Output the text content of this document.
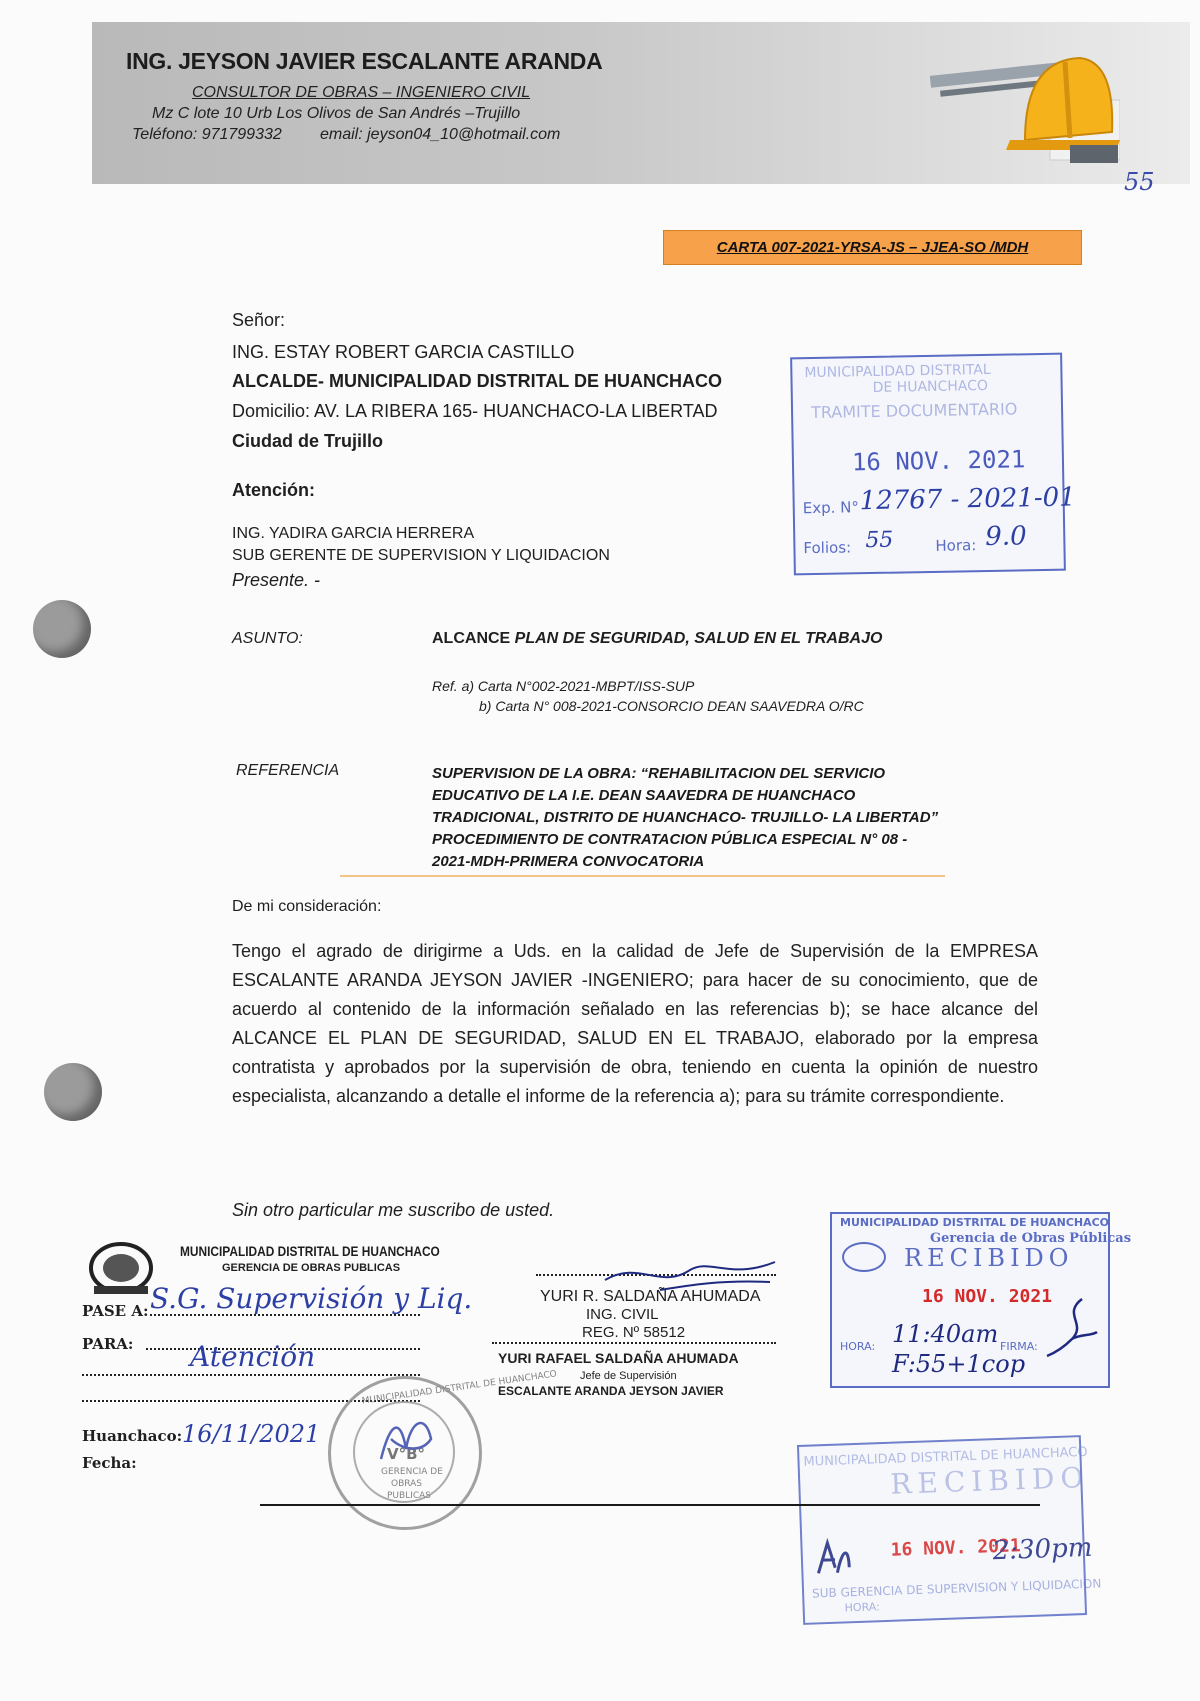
ING. JEYSON JAVIER ESCALANTE ARANDA
CONSULTOR DE OBRAS – INGENIERO CIVIL
Mz C lote 10 Urb Los Olivos de San Andrés –Trujillo
Teléfono: 971799332 email: jeyson04_10@hotmail.com
55
CARTA 007-2021-YRSA-JS – JJEA-SO /MDH
Señor:
ING. ESTAY ROBERT GARCIA CASTILLO
ALCALDE- MUNICIPALIDAD DISTRITAL DE HUANCHACO
Domicilio: AV. LA RIBERA 165- HUANCHACO-LA LIBERTAD
Ciudad de Trujillo
Atención:
ING. YADIRA GARCIA HERRERA
SUB GERENTE DE SUPERVISION Y LIQUIDACION
Presente. -
ASUNTO:	ALCANCE PLAN DE SEGURIDAD, SALUD EN EL TRABAJO
Ref. a) Carta N°002-2021-MBPT/ISS-SUP
b) Carta N° 008-2021-CONSORCIO DEAN SAAVEDRA O/RC
REFERENCIA	SUPERVISION DE LA OBRA: “REHABILITACION DEL SERVICIO
EDUCATIVO DE LA I.E. DEAN SAAVEDRA DE HUANCHACO
TRADICIONAL, DISTRITO DE HUANCHACO- TRUJILLO- LA LIBERTAD”
PROCEDIMIENTO DE CONTRATACION PÚBLICA ESPECIAL N° 08 -
2021-MDH-PRIMERA CONVOCATORIA
De mi consideración:
Tengo el agrado de dirigirme a Uds. en la calidad de Jefe de Supervisión de la EMPRESA ESCALANTE ARANDA JEYSON JAVIER -INGENIERO; para hacer de su conocimiento, que de acuerdo al contenido de la información señalado en las referencias b); se hace alcance del ALCANCE EL PLAN DE SEGURIDAD, SALUD EN EL TRABAJO, elaborado por la empresa contratista y aprobados por la supervisión de obra, teniendo en cuenta la opinión de nuestro especialista, alcanzando a detalle el informe de la referencia a); para su trámite correspondiente.
Sin otro particular me suscribo de usted.
MUNICIPALIDAD DISTRITAL
DE HUANCHACO
TRAMITE DOCUMENTARIO
16 NOV. 2021
Exp. N° 12767 - 2021-01
Folios: 55	Hora: 9.0
MUNICIPALIDAD DISTRITAL DE HUANCHACO
Gerencia de Obras Públicas
RECIBIDO
16 NOV. 2021
HORA: 11:40am FIRMA:
F:55+1cop
MUNICIPALIDAD DISTRITAL DE HUANCHACO
RECIBIDO
16 NOV. 2021
2:30pm
SUB GERENCIA DE SUPERVISION Y LIQUIDACION
HORA:
MUNICIPALIDAD DISTRITAL DE HUANCHACO
GERENCIA DE OBRAS PUBLICAS
PASE A: S.G. Supervisión y Liq.
PARA: Atención
Huanchaco: 16/11/2021
Fecha:
MUNICIPALIDAD DISTRITAL DE HUANCHACO
V°B°
GERENCIA DE
OBRAS
PUBLICAS
YURI R. SALDAÑA AHUMADA
ING. CIVIL
REG. Nº 58512
YURI RAFAEL SALDAÑA AHUMADA
Jefe de Supervisión
ESCALANTE ARANDA JEYSON JAVIER
